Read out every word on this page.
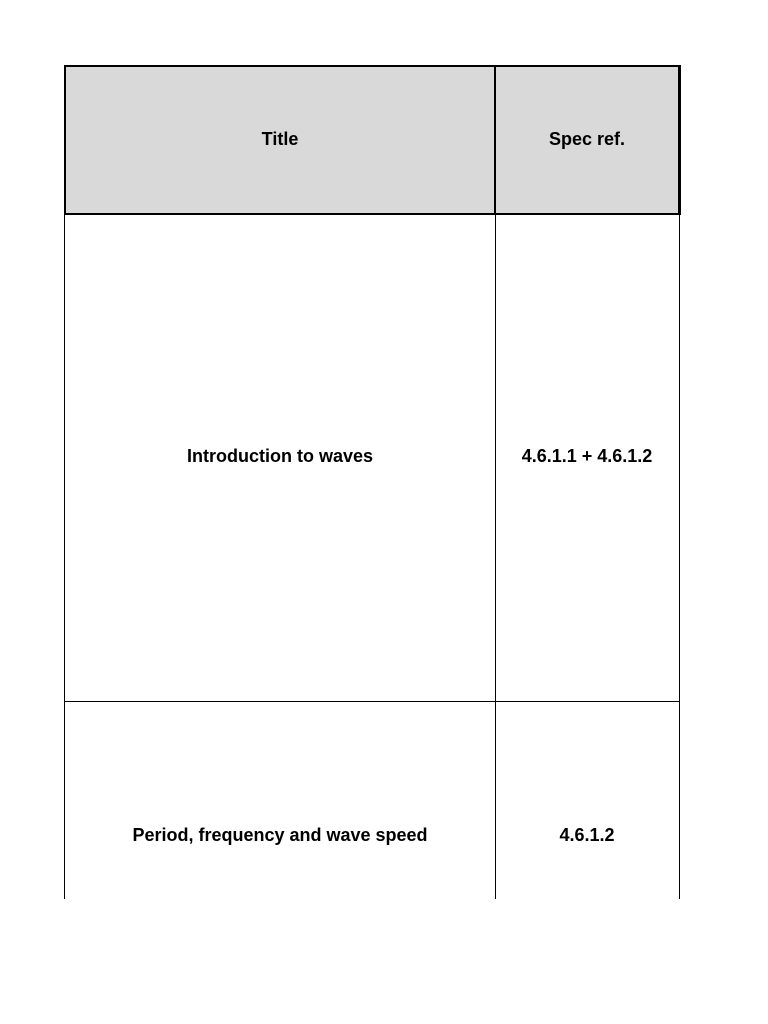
Title	Spec ref.
Introduction to waves	4.6.1.1 + 4.6.1.2
Period, frequency and wave speed	4.6.1.2
